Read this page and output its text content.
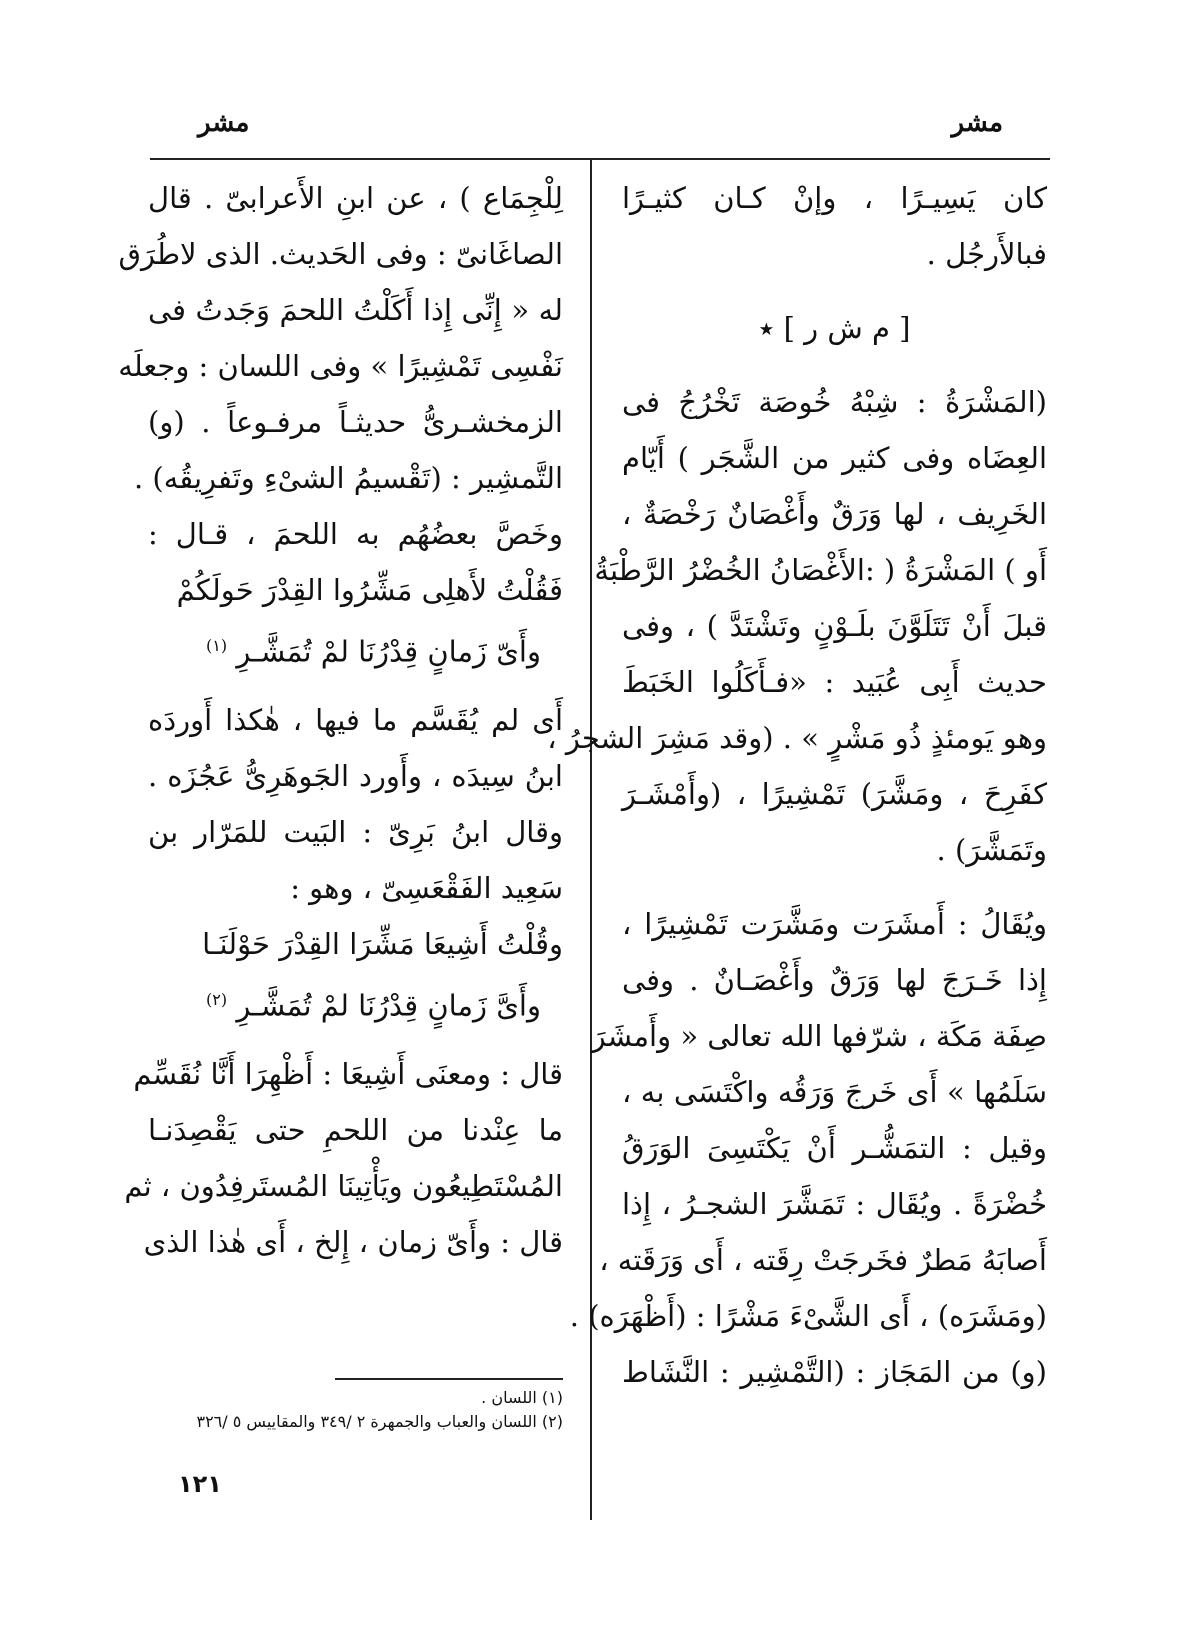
مشر
مشر
كان يَسِيـرًا ، وإنْ كـان كثيـرًا
فبالأَرجُل .
[ م ش ر ] ٭
(المَشْرَةُ : شِبْهُ خُوصَة تَخْرُجُ فى
العِضَاه وفى كثير من الشَّجَر ) أَيّام
الخَرِيف ، لها وَرَقٌ وأَغْصَانٌ رَخْصَةٌ ،
أَو ) المَشْرَةُ ( :الأَغْصَانُ الخُضْرُ الرَّطْبَةُ
قبلَ أَنْ تَتَلَوَّنَ بلَـوْنٍ وتَشْتَدَّ ) ، وفى
حديث أَبِى عُبَيد : «فـأَكَلُوا الخَبَطَ
وهو يَومئذٍ ذُو مَشْرٍ » . (وقد مَشِرَ الشجرُ ،
كفَرِحَ ، ومَشَّرَ) تَمْشِيرًا ، (وأَمْشَـرَ
وتَمَشَّرَ) .
ويُقَالُ : أَمشَرَت ومَشَّرَت تَمْشِيرًا ،
إِذا خَـرَجَ لها وَرَقٌ وأَغْصَـانٌ . وفى
صِفَة مَكَة ، شرّفها الله تعالى « وأَمشَرَ
سَلَمُها » أَى خَرجَ وَرَقُه واكْتَسَى به ،
وقيل : التمَشُّـر أَنْ يَكْتَسِىَ الوَرَقُ
خُضْرَةً . ويُقَال : تَمَشَّرَ الشجـرُ ، إِذا
أَصابَهُ مَطرٌ فخَرجَتْ رِقَته ، أَى وَرَقَته ،
(ومَشَرَه) ، أَى الشَّىْءَ مَشْرًا : (أَظْهَرَه) .
(و) من المَجَاز : (التَّمْشِير : النَّشَاط
لِلْجِمَاع ) ، عن ابنِ الأَعرابىّ . قال
الصاغَانىّ : وفى الحَديث. الذى لاطُرَق
له « إِنِّى إِذا أَكَلْتُ اللحمَ وَجَدتُ فى
نَفْسِى تَمْشِيرًا » وفى اللسان : وجعلَه
الزمخشـرىُّ حديثـاً مرفـوعاً . (و)
التَّمشِير : (تَقْسيمُ الشىْءِ وتَفرِيقُه) .
وخَصَّ بعضُهُم به اللحمَ ، قـال :
فَقُلْتُ لأَهلِى مَشِّرُوا القِدْرَ حَولَكُمْ
وأَىّ زَمانٍ قِدْرُنَا لمْ تُمَشَّـرِ $^{(١)}$
أَى لم يُقَسَّم ما فيها ، هٰكذا أَوردَه
ابنُ سِيدَه ، وأَورد الجَوهَرِىُّ عَجُزَه .
وقال ابنُ بَرِىّ : البَيت للمَرّار بن
سَعِيد الفَقْعَسِىّ ، وهو :
وقُلْتُ أَشِيعَا مَشِّرَا القِدْرَ حَوْلَنَـا
وأَىَّ زَمانٍ قِدْرُنَا لمْ تُمَشَّـرِ $^{(٢)}$
قال : ومعنَى أَشِيعَا : أَظْهِرَا أَنَّا نُقَسِّم
ما عِنْدنا من اللحمِ حتى يَقْصِدَنـا
المُسْتَطِيعُون ويَأْتِينَا المُستَرفِدُون ، ثم
قال : وأَىّ زمان ، إِلخ ، أَى هٰذا الذى
(١) اللسان .
(٢) اللسان والعباب والجمهرة ٢ /٣٤٩ والمقاييس ٥ /٣٢٦
١٢١
